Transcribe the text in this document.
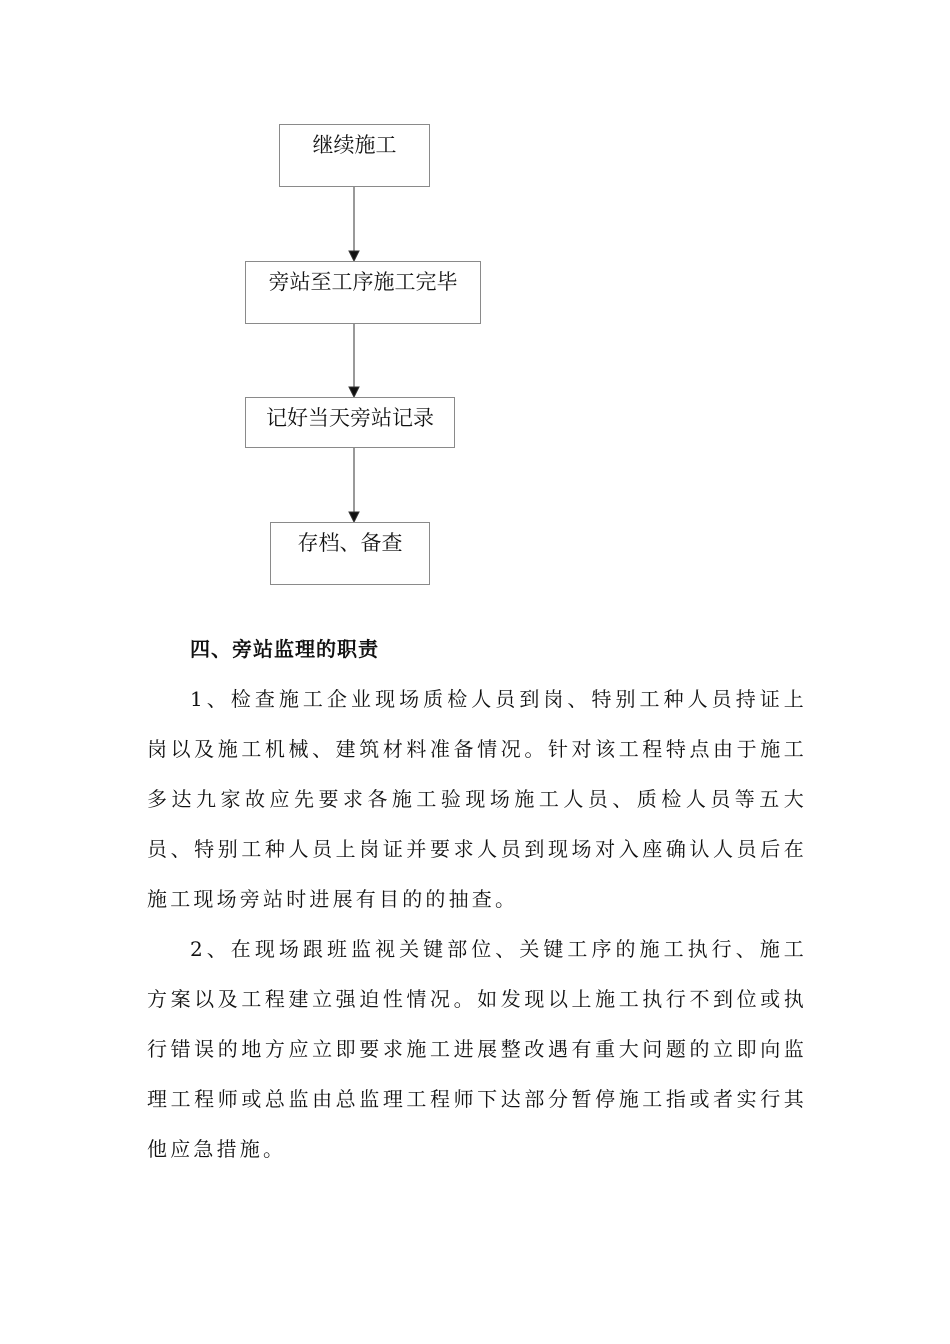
继续施工
旁站至工序施工完毕
记好当天旁站记录
存档、备查
四、旁站监理的职责

1、检查施工企业现场质检人员到岗、特别工种人员持证上岗以及施工机械、建筑材料准备情况。针对该工程特点由于施工多达九家故应先要求各施工验现场施工人员、质检人员等五大员、特别工种人员上岗证并要求人员到现场对入座确认人员后在施工现场旁站时进展有目的的抽查。

2、在现场跟班监视关键部位、关键工序的施工执行、施工方案以及工程建立强迫性情况。如发现以上施工执行不到位或执行错误的地方应立即要求施工进展整改遇有重大问题的立即向监理工程师或总监由总监理工程师下达部分暂停施工指或者实行其他应急措施。
